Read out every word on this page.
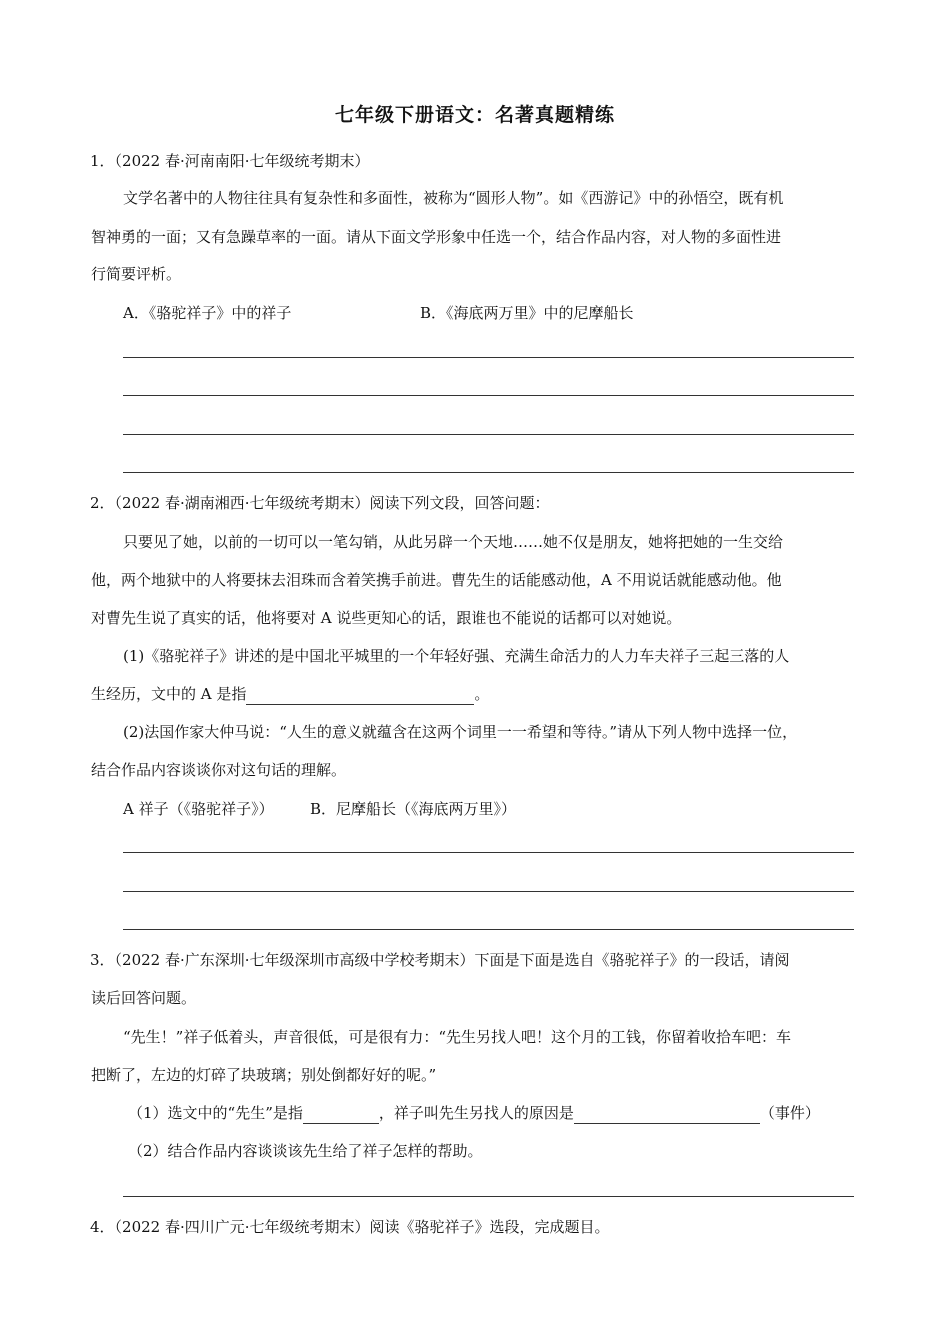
七年级下册语文：名著真题精练
1．（2022 春·河南南阳·七年级统考期末）
文学名著中的人物往往具有复杂性和多面性，被称为“圆形人物”。如《西游记》中的孙悟空，既有机
智神勇的一面；又有急躁草率的一面。请从下面文学形象中任选一个，结合作品内容，对人物的多面性进
行简要评析。
A．《骆驼祥子》中的祥子	B．《海底两万里》中的尼摩船长
2．（2022 春·湖南湘西·七年级统考期末）阅读下列文段，回答问题：
只要见了她，以前的一切可以一笔勾销，从此另辟一个天地……她不仅是朋友，她将把她的一生交给
他，两个地狱中的人将要抹去泪珠而含着笑携手前进。曹先生的话能感动他，A 不用说话就能感动他。他
对曹先生说了真实的话，他将要对 A 说些更知心的话，跟谁也不能说的话都可以对她说。
(1)《骆驼祥子》讲述的是中国北平城里的一个年轻好强、充满生命活力的人力车夫祥子三起三落的人
生经历，文中的 A 是指	。
(2)法国作家大仲马说：“人生的意义就蕴含在这两个词里一一希望和等待。”请从下列人物中选择一位，
结合作品内容谈谈你对这句话的理解。
A 祥子（《骆驼祥子》） B．尼摩船长（《海底两万里》）
3．（2022 春·广东深圳·七年级深圳市高级中学校考期末）下面是下面是选自《骆驼祥子》的一段话，请阅
读后回答问题。
“先生！”祥子低着头，声音很低，可是很有力：“先生另找人吧！这个月的工钱，你留着收拾车吧：车
把断了，左边的灯碎了块玻璃；别处倒都好好的呢。”
（1）选文中的“先生”是指	，祥子叫先生另找人的原因是	（事件）
（2）结合作品内容谈谈该先生给了祥子怎样的帮助。
4．（2022 春·四川广元·七年级统考期末）阅读《骆驼祥子》选段，完成题目。
